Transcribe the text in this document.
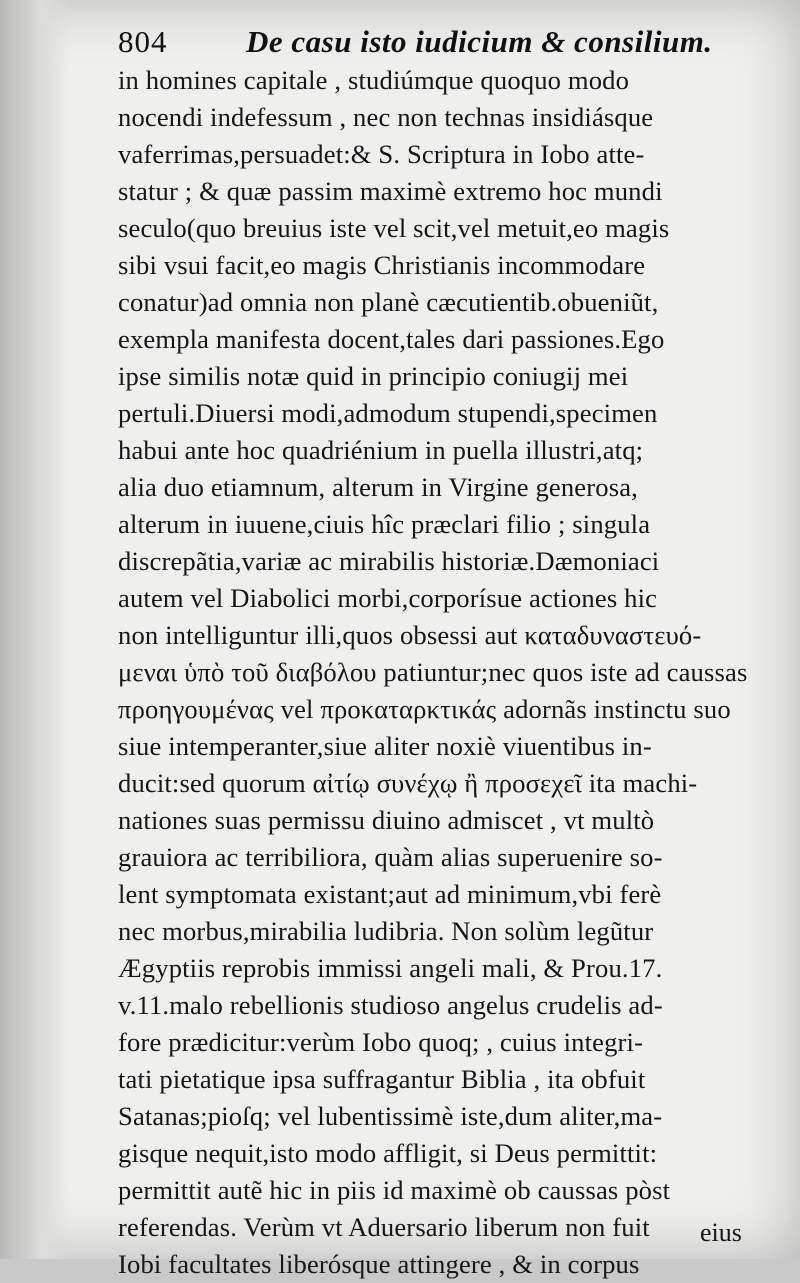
804	De casu isto iudicium & consilium.
in homines capitale , studiúmque quoquo modo
nocendi indefessum , nec non technas insidiásque
vaferrimas,persuadet:& S. Scriptura in Iobo atte-
statur ; & quæ passim maximè extremo hoc mundi
seculo(quo breuius iste vel scit,vel metuit,eo magis
sibi vsui facit,eo magis Christianis incommodare
conatur)ad omnia non planè cæcutientib.obueniũt,
exempla manifesta docent,tales dari passiones.Ego
ipse similis notæ quid in principio coniugij mei
pertuli.Diuersi modi,admodum stupendi,specimen
habui ante hoc quadriénium in puella illustri,atq;
alia duo etiamnum, alterum in Virgine generosa,
alterum in iuuene,ciuis hîc præclari filio ; singula
discrepãtia,variæ ac mirabilis historiæ.Dæmoniaci
autem vel Diabolici morbi,corporísue actiones hic
non intelliguntur illi,quos obsessi aut καταδυναστευό-
μεναι ὑπὸ τοῦ διαβόλου patiuntur;nec quos iste ad caussas
προηγουμένας vel προκαταρκτικάς adornãs instinctu suo
siue intemperanter,siue aliter noxiè viuentibus in-
ducit:sed quorum αἰτίῳ συνέχῳ ἢ προσεχεῖ ita machi-
nationes suas permissu diuino admiscet , vt multò
grauiora ac terribiliora, quàm alias superuenire so-
lent symptomata existant;aut ad minimum,vbi ferè
nec morbus,mirabilia ludibria. Non solùm legũtur
Ægyptiis reprobis immissi angeli mali, & Prou.17.
v.11.malo rebellionis studioso angelus crudelis ad-
fore prædicitur:verùm Iobo quoq; , cuius integri-
tati pietatique ipsa suffragantur Biblia , ita obfuit
Satanas;pioſq; vel lubentissimè iste,dum aliter,ma-
gisque nequit,isto modo affligit, si Deus permittit:
permittit autẽ hic in piis id maximè ob caussas pòst
referendas. Verùm vt Aduersario liberum non fuit
Iobi facultates liberósque attingere , & in corpus
eius
